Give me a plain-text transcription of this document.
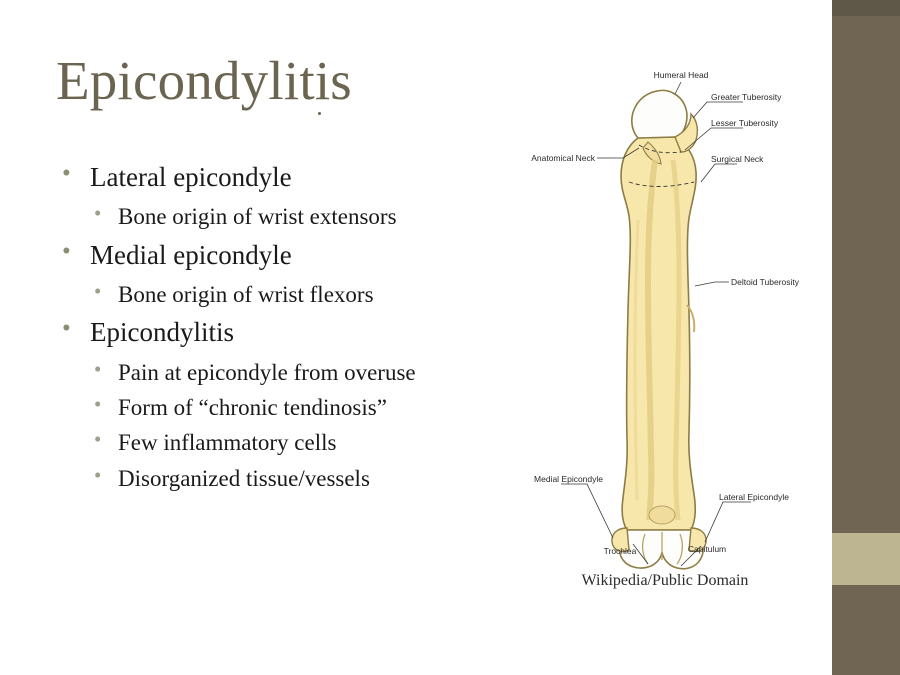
Epicondylitis
• Lateral epicondyle
• Bone origin of wrist extensors
• Medial epicondyle
• Bone origin of wrist flexors
• Epicondylitis
• Pain at epicondyle from overuse
• Form of “chronic tendinosis”
• Few inflammatory cells
• Disorganized tissue/vessels
Humeral Head
Greater Tuberosity
Lesser Tuberosity
Anatomical Neck	Surgical Neck
Deltoid Tuberosity
Medial Epicondyle
Lateral Epicondyle
Trochlea	Capitulum
Wikipedia/Public Domain
